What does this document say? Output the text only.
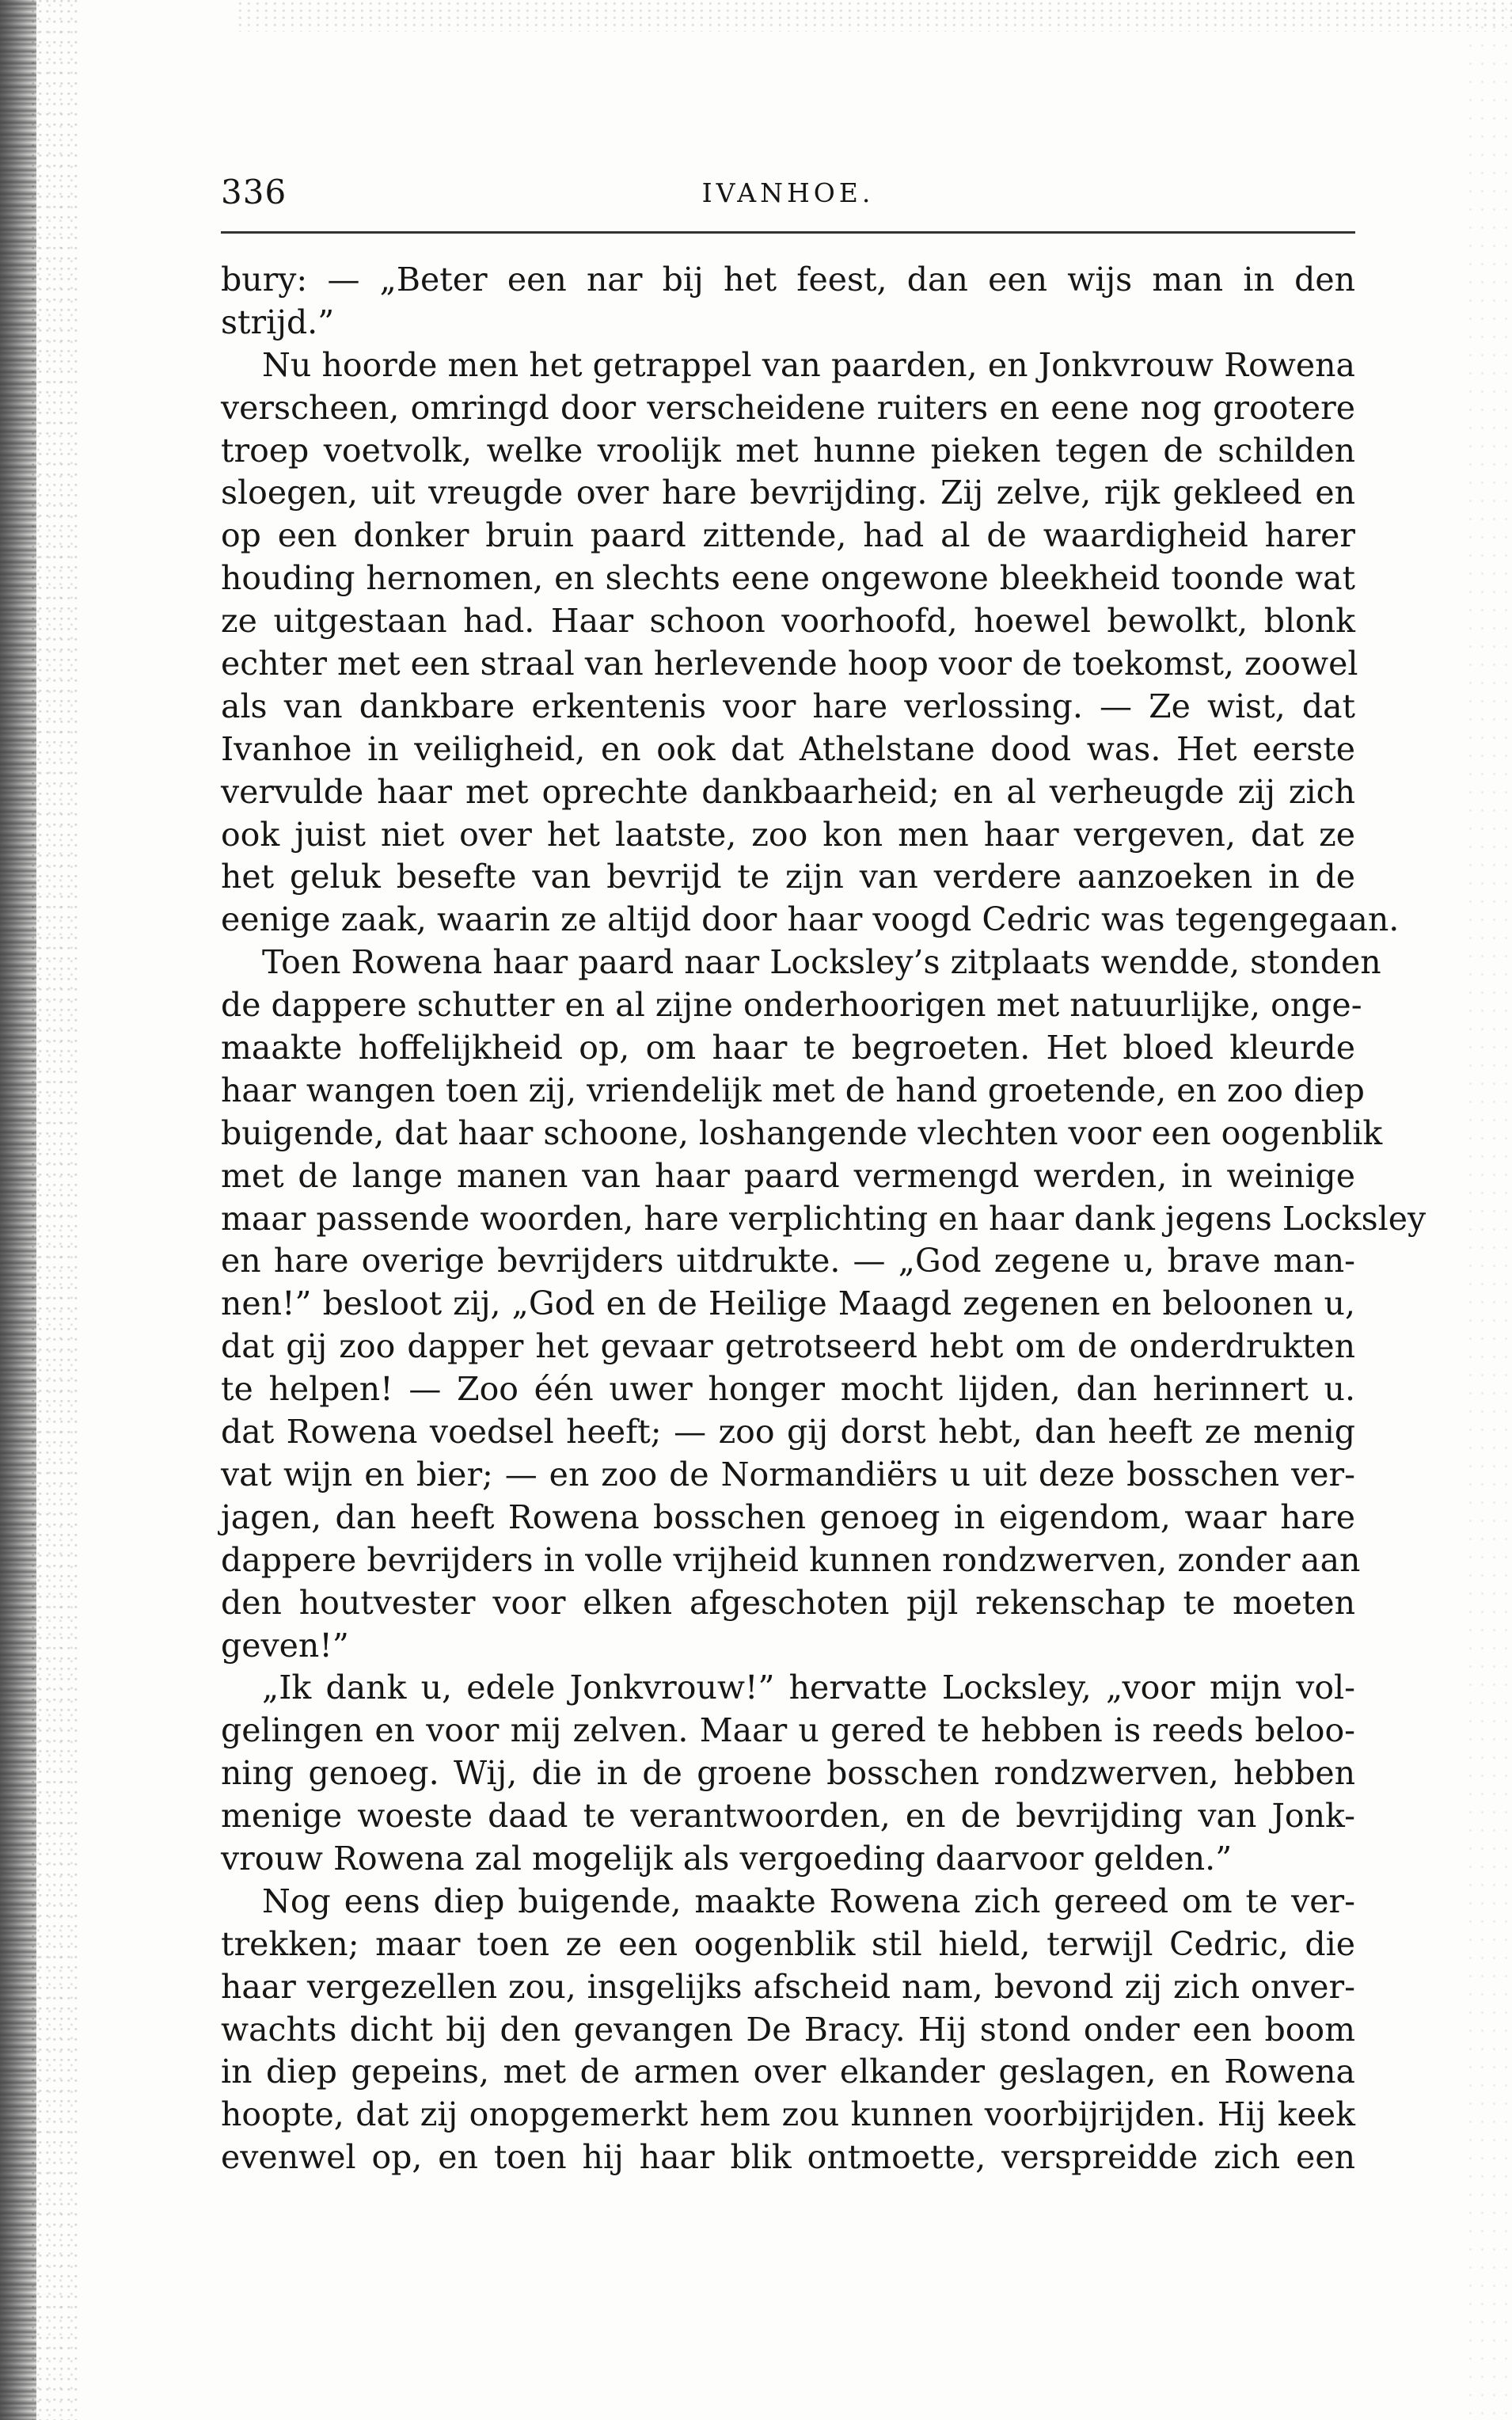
336	IVANHOE.
bury: — „Beter een nar bij het feest, dan een wijs man in den
strijd.”
Nu hoorde men het getrappel van paarden, en Jonkvrouw Rowena
verscheen, omringd door verscheidene ruiters en eene nog grootere
troep voetvolk, welke vroolijk met hunne pieken tegen de schilden
sloegen, uit vreugde over hare bevrijding. Zij zelve, rijk gekleed en
op een donker bruin paard zittende, had al de waardigheid harer
houding hernomen, en slechts eene ongewone bleekheid toonde wat
ze uitgestaan had. Haar schoon voorhoofd, hoewel bewolkt, blonk
echter met een straal van herlevende hoop voor de toekomst, zoowel
als van dankbare erkentenis voor hare verlossing. — Ze wist, dat
Ivanhoe in veiligheid, en ook dat Athelstane dood was. Het eerste
vervulde haar met oprechte dankbaarheid; en al verheugde zij zich
ook juist niet over het laatste, zoo kon men haar vergeven, dat ze
het geluk besefte van bevrijd te zijn van verdere aanzoeken in de
eenige zaak, waarin ze altijd door haar voogd Cedric was tegengegaan.
Toen Rowena haar paard naar Locksley’s zitplaats wendde, stonden
de dappere schutter en al zijne onderhoorigen met natuurlijke, onge-
maakte hoffelijkheid op, om haar te begroeten. Het bloed kleurde
haar wangen toen zij, vriendelijk met de hand groetende, en zoo diep
buigende, dat haar schoone, loshangende vlechten voor een oogenblik
met de lange manen van haar paard vermengd werden, in weinige
maar passende woorden, hare verplichting en haar dank jegens Locksley
en hare overige bevrijders uitdrukte. — „God zegene u, brave man-
nen!” besloot zij, „God en de Heilige Maagd zegenen en beloonen u,
dat gij zoo dapper het gevaar getrotseerd hebt om de onderdrukten
te helpen! — Zoo één uwer honger mocht lijden, dan herinnert u.
dat Rowena voedsel heeft; — zoo gij dorst hebt, dan heeft ze menig
vat wijn en bier; — en zoo de Normandiërs u uit deze bosschen ver-
jagen, dan heeft Rowena bosschen genoeg in eigendom, waar hare
dappere bevrijders in volle vrijheid kunnen rondzwerven, zonder aan
den houtvester voor elken afgeschoten pijl rekenschap te moeten
geven!”
„Ik dank u, edele Jonkvrouw!” hervatte Locksley, „voor mijn vol-
gelingen en voor mij zelven. Maar u gered te hebben is reeds beloo-
ning genoeg. Wij, die in de groene bosschen rondzwerven, hebben
menige woeste daad te verantwoorden, en de bevrijding van Jonk-
vrouw Rowena zal mogelijk als vergoeding daarvoor gelden.”
Nog eens diep buigende, maakte Rowena zich gereed om te ver-
trekken; maar toen ze een oogenblik stil hield, terwijl Cedric, die
haar vergezellen zou, insgelijks afscheid nam, bevond zij zich onver-
wachts dicht bij den gevangen De Bracy. Hij stond onder een boom
in diep gepeins, met de armen over elkander geslagen, en Rowena
hoopte, dat zij onopgemerkt hem zou kunnen voorbijrijden. Hij keek
evenwel op, en toen hij haar blik ontmoette, verspreidde zich een
